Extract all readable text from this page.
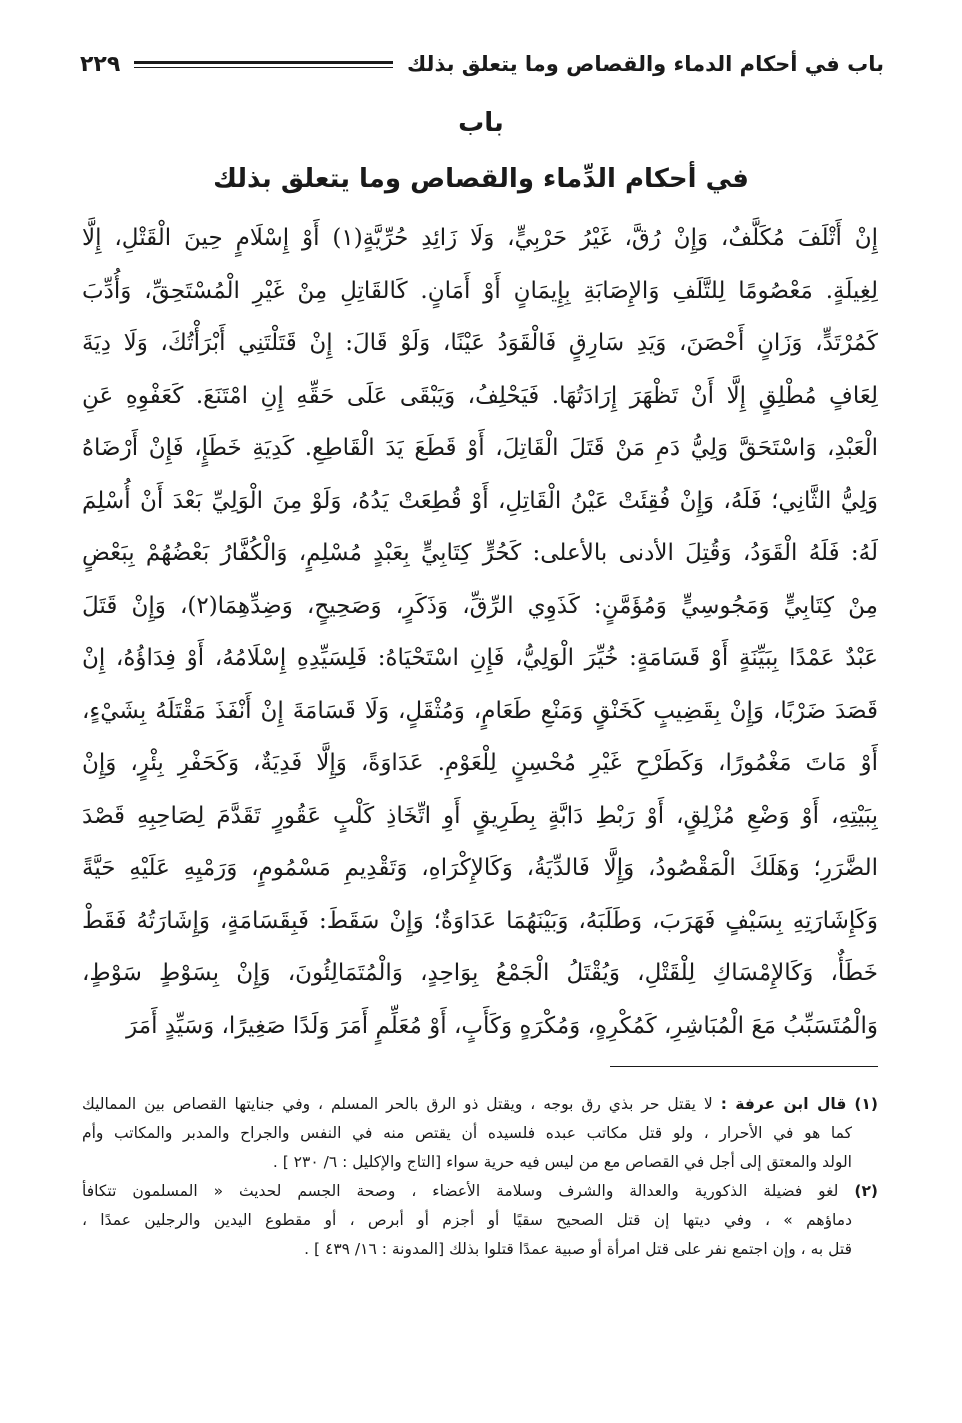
٢٢٩	باب في أحكام الدماء والقصاص وما يتعلق بذلك
باب
في أحكام الدِّماء والقصاص وما يتعلق بذلك
إِنْ أَتْلَفَ مُكَلَّفٌ، وَإِنْ رُقَّ، غَيْرُ حَرْبِيٍّ، وَلَا زَائِدِ حُرِّيَّةٍ(١) أَوْ إِسْلَامٍ حِينَ الْقَتْلِ، إِلَّا
لِغِيلَةٍ. مَعْصُومًا لِلتَّلَفِ وَالإِصَابَةِ بِإِيمَانٍ أَوْ أَمَانٍ. كَالقَاتِلِ مِنْ غَيْرِ الْمُسْتَحِقِّ، وَأُدِّبَ
كَمُرْتَدٍّ، وَزَانٍ أَحْصَنَ، وَيَدِ سَارِقٍ فَالْقَوَدُ عَيْنًا، وَلَوْ قَالَ: إِنْ قَتَلْتَنِي أَبْرَأْتُكَ، وَلَا دِيَةَ
لِعَافٍ مُطْلِقٍ إِلَّا أَنْ تَظْهَرَ إِرَادَتُهَا. فَيَحْلِفُ، وَيَبْقَى عَلَى حَقِّهِ إِنِ امْتَنَعَ. كَعَفْوِهِ عَنِ
الْعَبْدِ، وَاسْتَحَقَّ وَلِيُّ دَمِ مَنْ قَتَلَ الْقَاتِلَ، أَوْ قَطَعَ يَدَ الْقَاطِعِ. كَدِيَةِ خَطَإٍ، فَإِنْ أَرْضَاهُ
وَلِيُّ الثَّانِي؛ فَلَهُ، وَإِنْ فُقِئَتْ عَيْنُ الْقَاتِلِ، أَوْ قُطِعَتْ يَدُهُ، وَلَوْ مِنَ الْوَلِيِّ بَعْدَ أَنْ أُسْلِمَ
لَهُ: فَلَهُ الْقَوَدُ، وَقُتِلَ الأدنى بالأعلى: كَحُرٍّ كِتَابِيٍّ بِعَبْدٍ مُسْلِمٍ، وَالْكُفَّارُ بَعْضُهُمْ بِبَعْضٍ
مِنْ كِتَابِيٍّ وَمَجُوسِيٍّ وَمُؤَمَّنٍ: كَذَوِي الرِّقِّ، وَذَكَرٍ، وَصَحِيحٍ، وَضِدِّهِمَا(٢)، وَإِنْ قَتَلَ
عَبْدٌ عَمْدًا بِبَيِّنَةٍ أَوْ قَسَامَةٍ: خُيِّرَ الْوَلِيُّ، فَإِنِ اسْتَحْيَاهُ: فَلِسَيِّدِهِ إِسْلَامُهُ، أَوْ فِدَاؤُهُ، إِنْ
قَصَدَ ضَرْبًا، وَإِنْ بِقَضِيبٍ كَخَنْقٍ وَمَنْعِ طَعَامٍ، وَمُثْقَلٍ، وَلَا قَسَامَةَ إِنْ أَنْفَذَ مَقْتَلَهُ بِشَيْءٍ،
أَوْ مَاتَ مَغْمُورًا، وَكَطَرْحِ غَيْرِ مُحْسِنٍ لِلْعَوْمِ. عَدَاوَةً، وَإِلَّا فَدِيَةٌ، وَكَحَفْرِ بِئْرٍ، وَإِنْ
بِبَيْتِهِ، أَوْ وَضْعِ مُزْلِقٍ، أَوْ رَبْطِ دَابَّةٍ بِطَرِيقٍ أَوِ اتِّخَاذِ كَلْبٍ عَقُورٍ تَقَدَّمَ لِصَاحِبِهِ قَصْدَ
الضَّرَرِ؛ وَهَلَكَ الْمَقْصُودُ، وَإِلَّا فَالدِّيَةُ، وَكَالإِكْرَاهِ، وَتَقْدِيمِ مَسْمُومٍ، وَرَمْيِهِ عَلَيْهِ حَيَّةً
وَكَإِشَارَتِهِ بِسَيْفٍ فَهَرَبَ، وَطَلَبَهُ، وَبَيْنَهُمَا عَدَاوَةٌ؛ وَإِنْ سَقَطَ: فَبِقَسَامَةٍ، وَإِشَارَتُهُ فَقَطْ
خَطَأٌ، وَكَالإِمْسَاكِ لِلْقَتْلِ، وَيُقْتَلُ الْجَمْعُ بِوَاحِدٍ، وَالْمُتَمَالِئُونَ، وَإِنْ بِسَوْطٍ سَوْطٍ،
وَالْمُتَسَبِّبُ مَعَ الْمُبَاشِرِ، كَمُكْرِهٍ، وَمُكْرَهٍ وَكَأَبٍ، أَوْ مُعَلِّمٍ أَمَرَ وَلَدًا صَغِيرًا، وَسَيِّدٍ أَمَرَ
(١) قال ابن عرفة : لا يقتل حر بذي رق بوجه ، ويقتل ذو الرق بالحر المسلم ، وفي جنايتها القصاص بين المماليك
كما هو في الأحرار ، ولو قتل مكاتب عبده فلسيده أن يقتص منه في النفس والجراح والمدبر والمكاتب وأم
الولد والمعتق إلى أجل في القصاص مع من ليس فيه حرية سواء [التاج والإكليل : ٦/ ٢٣٠ ] .
(٢) لغو فضيلة الذكورية والعدالة والشرف وسلامة الأعضاء ، وصحة الجسم لحديث « المسلمون تتكافأ
دماؤهم » ، وفي ديتها إن قتل الصحيح سقيًا أو أجزم أو أبرص ، أو مقطوع اليدين والرجلين عمدًا ،
قتل به ، وإن اجتمع نفر على قتل امرأة أو صبية عمدًا قتلوا بذلك [المدونة : ١٦/ ٤٣٩ ] .
